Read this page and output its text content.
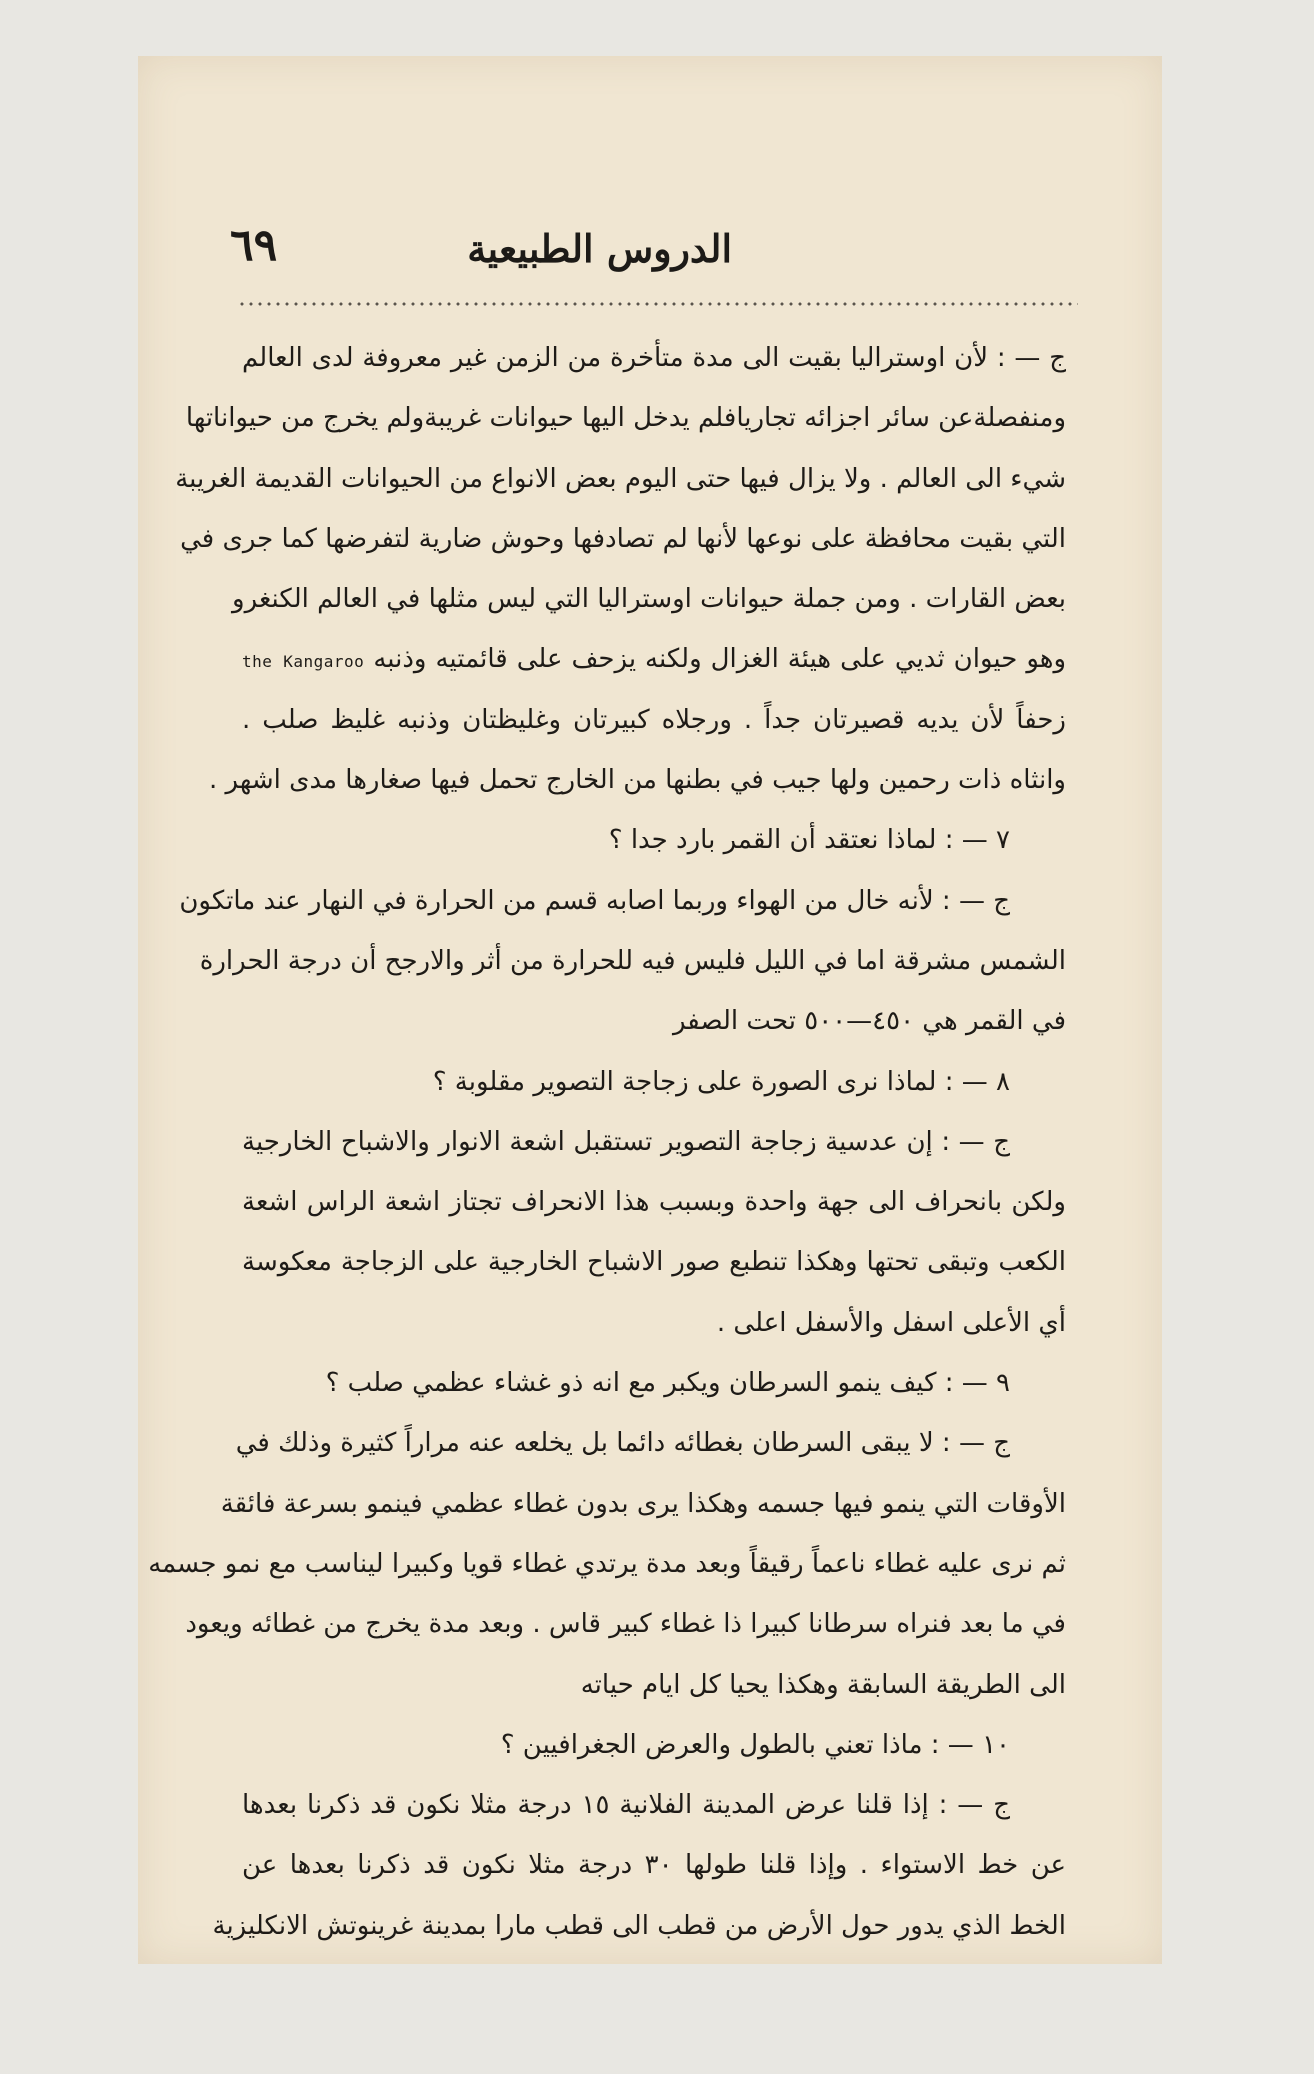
الدروس الطبيعية
٦٩
ج — : لأن اوسترالیا بقيت الى مدة متأخرة من الزمن غير معروفة لدى العالم
ومنفصلةعن سائر اجزائه تجاريافلم يدخل اليها حيوانات غريبةولم يخرج من حيواناتها
شيء الى العالم . ولا يزال فيها حتى اليوم بعض الانواع من الحيوانات القديمة الغريبة
التي بقيت محافظة على نوعها لأنها لم تصادفها وحوش ضارية لتفرضها كما جرى في
بعض القارات . ومن جملة حيوانات اوستراليا التي ليس مثلها في العالم الكنغرو
وهو حيوان ثديي على هيئة الغزال ولكنه يزحف على قائمتيه وذنبه the Kangaroo
زحفاً لأن يديه قصيرتان جداً . ورجلاه كبيرتان وغليظتان وذنبه غليظ صلب .
وانثاه ذات رحمين ولها جيب في بطنها من الخارج تحمل فيها صغارها مدى اشهر .
٧ — : لماذا نعتقد أن القمر بارد جدا ؟
ج — : لأنه خال من الهواء وربما اصابه قسم من الحرارة في النهار عند ماتكون
الشمس مشرقة اما في الليل فليس فيه للحرارة من أثر والارجح أن درجة الحرارة
في القمر هي ٤٥٠—٥٠٠ تحت الصفر
٨ — : لماذا نرى الصورة على زجاجة التصوير مقلوبة ؟
ج — : إن عدسية زجاجة التصوير تستقبل اشعة الانوار والاشباح الخارجية
ولكن بانحراف الى جهة واحدة وبسبب هذا الانحراف تجتاز اشعة الراس اشعة
الكعب وتبقى تحتها وهكذا تنطبع صور الاشباح الخارجية على الزجاجة معكوسة
أي الأعلى اسفل والأسفل اعلى .
٩ — : كيف ينمو السرطان ويكبر مع انه ذو غشاء عظمي صلب ؟
ج — : لا يبقى السرطان بغطائه دائما بل يخلعه عنه مراراً كثيرة وذلك في
الأوقات التي ينمو فيها جسمه وهكذا يرى بدون غطاء عظمي فينمو بسرعة فائقة
ثم نرى عليه غطاء ناعماً رقيقاً وبعد مدة يرتدي غطاء قويا وكبيرا ليناسب مع نمو جسمه
في ما بعد فنراه سرطانا كبيرا ذا غطاء كبير قاس . وبعد مدة يخرج من غطائه ويعود
الى الطريقة السابقة وهكذا يحيا كل ايام حياته
١٠ — : ماذا تعني بالطول والعرض الجغرافيين ؟
ج — : إذا قلنا عرض المدينة الفلانية ١٥ درجة مثلا نكون قد ذكرنا بعدها
عن خط الاستواء . وإذا قلنا طولها ٣٠ درجة مثلا نكون قد ذكرنا بعدها عن
الخط الذي يدور حول الأرض من قطب الى قطب مارا بمدينة غرينوتش الانكليزية
